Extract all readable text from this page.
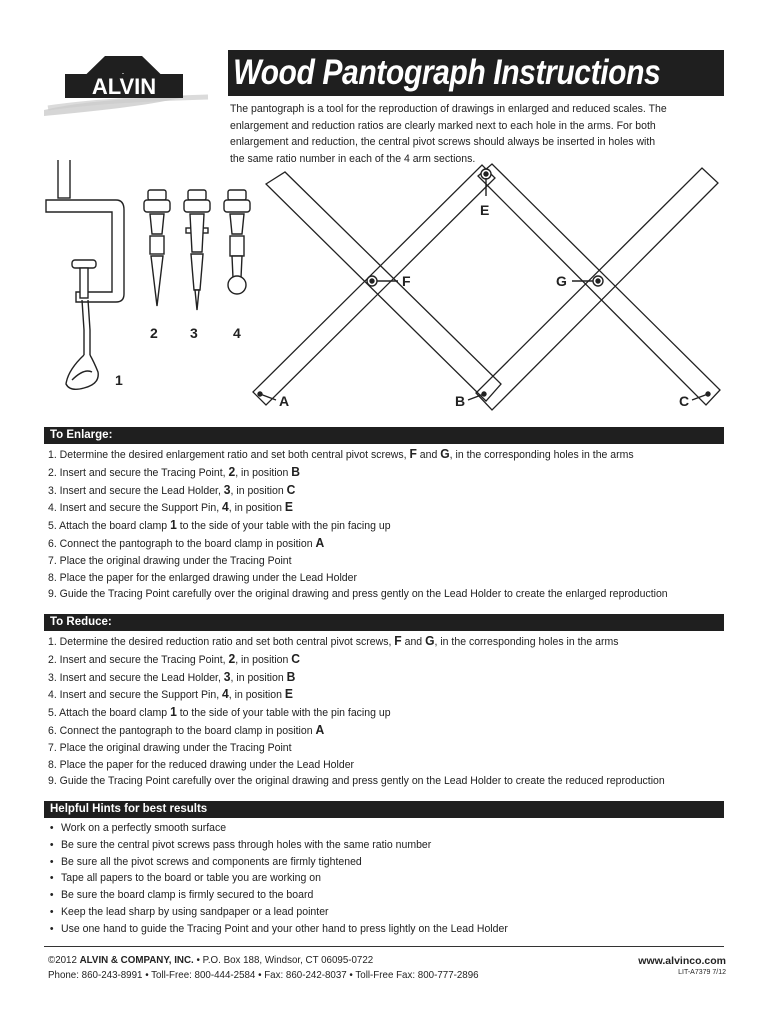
ALVIN Wood Pantograph Instructions
The pantograph is a tool for the reproduction of drawings in enlarged and reduced scales. The enlargement and reduction ratios are clearly marked next to each hole in the arms. For both enlargement and reduction, the central pivot screws should always be inserted in holes with the same ratio number in each of the 4 arm sections.
2 3	4
1
E
F	G
A	B	C
To Enlarge:
1. Determine the desired enlargement ratio and set both central pivot screws, F and G, in the corresponding holes in the arms
2. Insert and secure the Tracing Point, 2, in position B
3. Insert and secure the Lead Holder, 3, in position C
4. Insert and secure the Support Pin, 4, in position E
5. Attach the board clamp 1 to the side of your table with the pin facing up
6. Connect the pantograph to the board clamp in position A
7. Place the original drawing under the Tracing Point
8. Place the paper for the enlarged drawing under the Lead Holder
9. Guide the Tracing Point carefully over the original drawing and press gently on the Lead Holder to create the enlarged reproduction
To Reduce:
1. Determine the desired reduction ratio and set both central pivot screws, F and G, in the corresponding holes in the arms
2. Insert and secure the Tracing Point, 2, in position C
3. Insert and secure the Lead Holder, 3, in position B
4. Insert and secure the Support Pin, 4, in position E
5. Attach the board clamp 1 to the side of your table with the pin facing up
6. Connect the pantograph to the board clamp in position A
7. Place the original drawing under the Tracing Point
8. Place the paper for the reduced drawing under the Lead Holder
9. Guide the Tracing Point carefully over the original drawing and press gently on the Lead Holder to create the reduced reproduction
Helpful Hints for best results
• Work on a perfectly smooth surface
• Be sure the central pivot screws pass through holes with the same ratio number
• Be sure all the pivot screws and components are firmly tightened
• Tape all papers to the board or table you are working on
• Be sure the board clamp is firmly secured to the board
• Keep the lead sharp by using sandpaper or a lead pointer
• Use one hand to guide the Tracing Point and your other hand to press lightly on the Lead Holder
©2012 ALVIN & COMPANY, INC. • P.O. Box 188, Windsor, CT 06095-0722
Phone: 860-243-8991 • Toll-Free: 800-444-2584 • Fax: 860-242-8037 • Toll-Free Fax: 800-777-2896
www.alvinco.com
LIT-A7379 7/12
